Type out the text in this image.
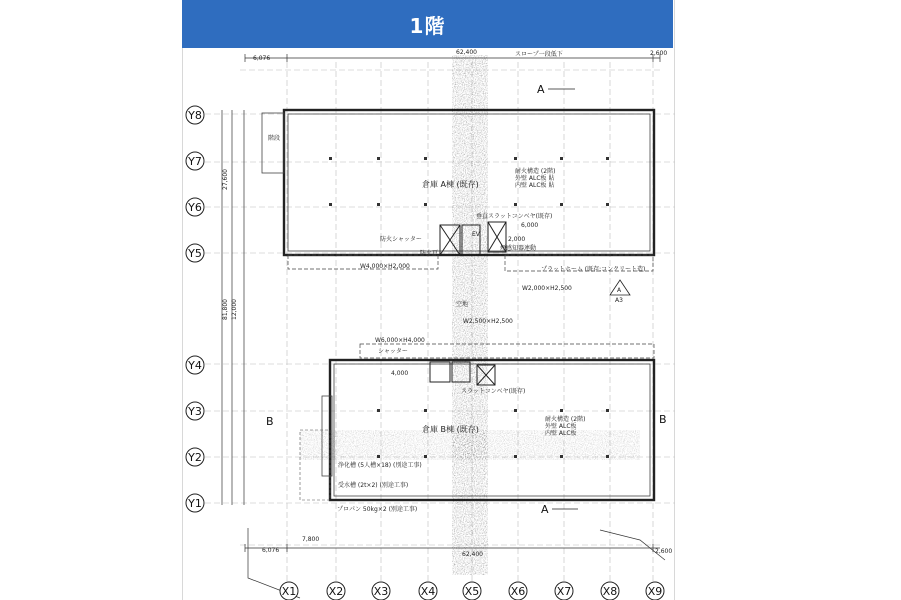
1階
倉庫 A棟 (既存)
耐火構造 (2階)
外壁 ALC板 貼
内壁 ALC板 貼
倉庫 B棟 (既存)
耐火構造 (2階)
外壁 ALC板
内壁 ALC板
スロープ一段低下
階段
垂直スラットコンベヤ(既存)
プラットホーム (既存:コンクリート造)
EV
スラットコンベヤ(既存)
空地
浄化槽 (5人槽×18) (別途工事)
受水槽 (2t×2) (別途工事)
プロパン 50kg×2 (別途工事)
防火シャッター
W2,500×H2,500
W4,000×H2,000
W2,000×H2,500
W6,000×H4,000
煙感知器連動
防火戸
シャッター
62,400
62,400
6,076
6,076
2,600
2,600
81,800 12,000
27,600
7,800
6,000
4,000
2,000
A
A
B	B
A
A3
Y8
Y7
Y6
Y5
Y4
Y3
Y2
Y1
X1	X2	X3	X4	X5	X6	X7	X8	X9
